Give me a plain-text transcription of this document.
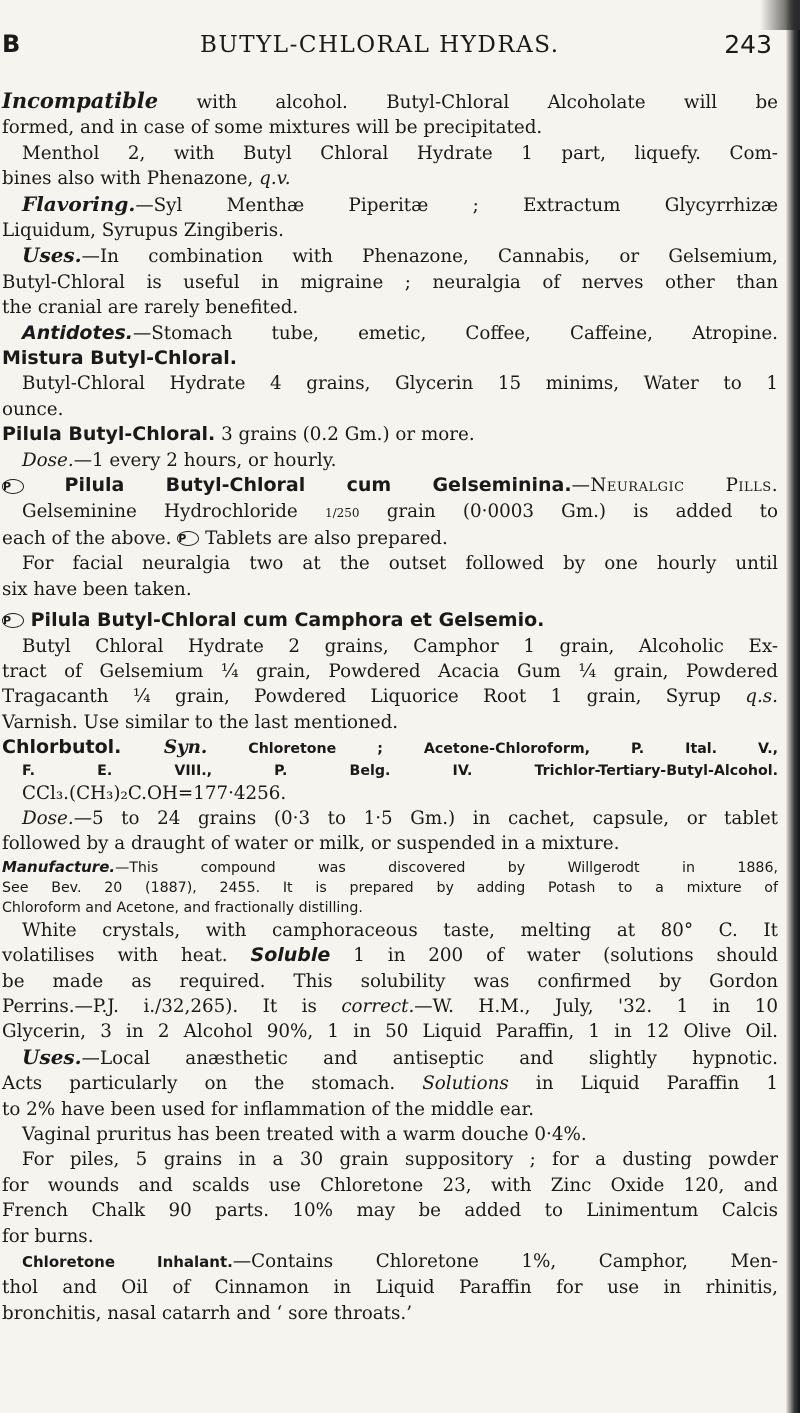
B	BUTYL-CHLORAL HYDRAS.	243

Incompatible with alcohol. Butyl-Chloral Alcoholate will be

formed, and in case of some mixtures will be precipitated.

Menthol 2, with Butyl Chloral Hydrate 1 part, liquefy. Com-

bines also with Phenazone, q.v.

Flavoring.—Syl Menthæ Piperitæ ; Extractum Glycyrrhizæ

Liquidum, Syrupus Zingiberis.

Uses.—In combination with Phenazone, Cannabis, or Gelsemium,

Butyl-Chloral is useful in migraine ; neuralgia of nerves other than

the cranial are rarely benefited.

Antidotes.—Stomach tube, emetic, Coffee, Caffeine, Atropine.

Mistura Butyl-Chloral.

Butyl-Chloral Hydrate 4 grains, Glycerin 15 minims, Water to 1

ounce.

Pilula Butyl-Chloral. 3 grains (0.2 Gm.) or more.

Dose.—1 every 2 hours, or hourly.

P	Pilula Butyl-Chloral cum Gelseminina.—Neuralgic Pills.

Gelseminine Hydrochloride 1/250 grain (0·0003 Gm.) is added to

each of the above. P Tablets are also prepared.

For facial neuralgia two at the outset followed by one hourly until

six have been taken.

P Pilula Butyl-Chloral cum Camphora et Gelsemio.

Butyl Chloral Hydrate 2 grains, Camphor 1 grain, Alcoholic Ex-

tract of Gelsemium ¼ grain, Powdered Acacia Gum ¼ grain, Powdered

Tragacanth ¼ grain, Powdered Liquorice Root 1 grain, Syrup q.s.

Varnish. Use similar to the last mentioned.

Chlorbutol. Syn. Chloretone ; Acetone-Chloroform, P. Ital. V.,

F. E. VIII., P. Belg. IV. Trichlor-Tertiary-Butyl-Alcohol.

CCl₃.(CH₃)₂C.OH=177·4256.

Dose.—5 to 24 grains (0·3 to 1·5 Gm.) in cachet, capsule, or tablet

followed by a draught of water or milk, or suspended in a mixture.

Manufacture.—This compound was discovered by Willgerodt in 1886,

See Bev. 20 (1887), 2455. It is prepared by adding Potash to a mixture of

Chloroform and Acetone, and fractionally distilling.

White crystals, with camphoraceous taste, melting at 80° C. It

volatilises with heat. Soluble 1 in 200 of water (solutions should

be made as required. This solubility was confirmed by Gordon

Perrins.—P.J. i./32,265). It is correct.—W. H.M., July, '32. 1 in 10

Glycerin, 3 in 2 Alcohol 90%, 1 in 50 Liquid Paraffin, 1 in 12 Olive Oil.

Uses.—Local anæsthetic and antiseptic and slightly hypnotic.

Acts particularly on the stomach. Solutions in Liquid Paraffin 1

to 2% have been used for inflammation of the middle ear.

Vaginal pruritus has been treated with a warm douche 0·4%.

For piles, 5 grains in a 30 grain suppository ; for a dusting powder

for wounds and scalds use Chloretone 23, with Zinc Oxide 120, and

French Chalk 90 parts. 10% may be added to Linimentum Calcis

for burns.

Chloretone Inhalant.—Contains Chloretone 1%, Camphor, Men-

thol and Oil of Cinnamon in Liquid Paraffin for use in rhinitis,

bronchitis, nasal catarrh and ‘ sore throats.’
